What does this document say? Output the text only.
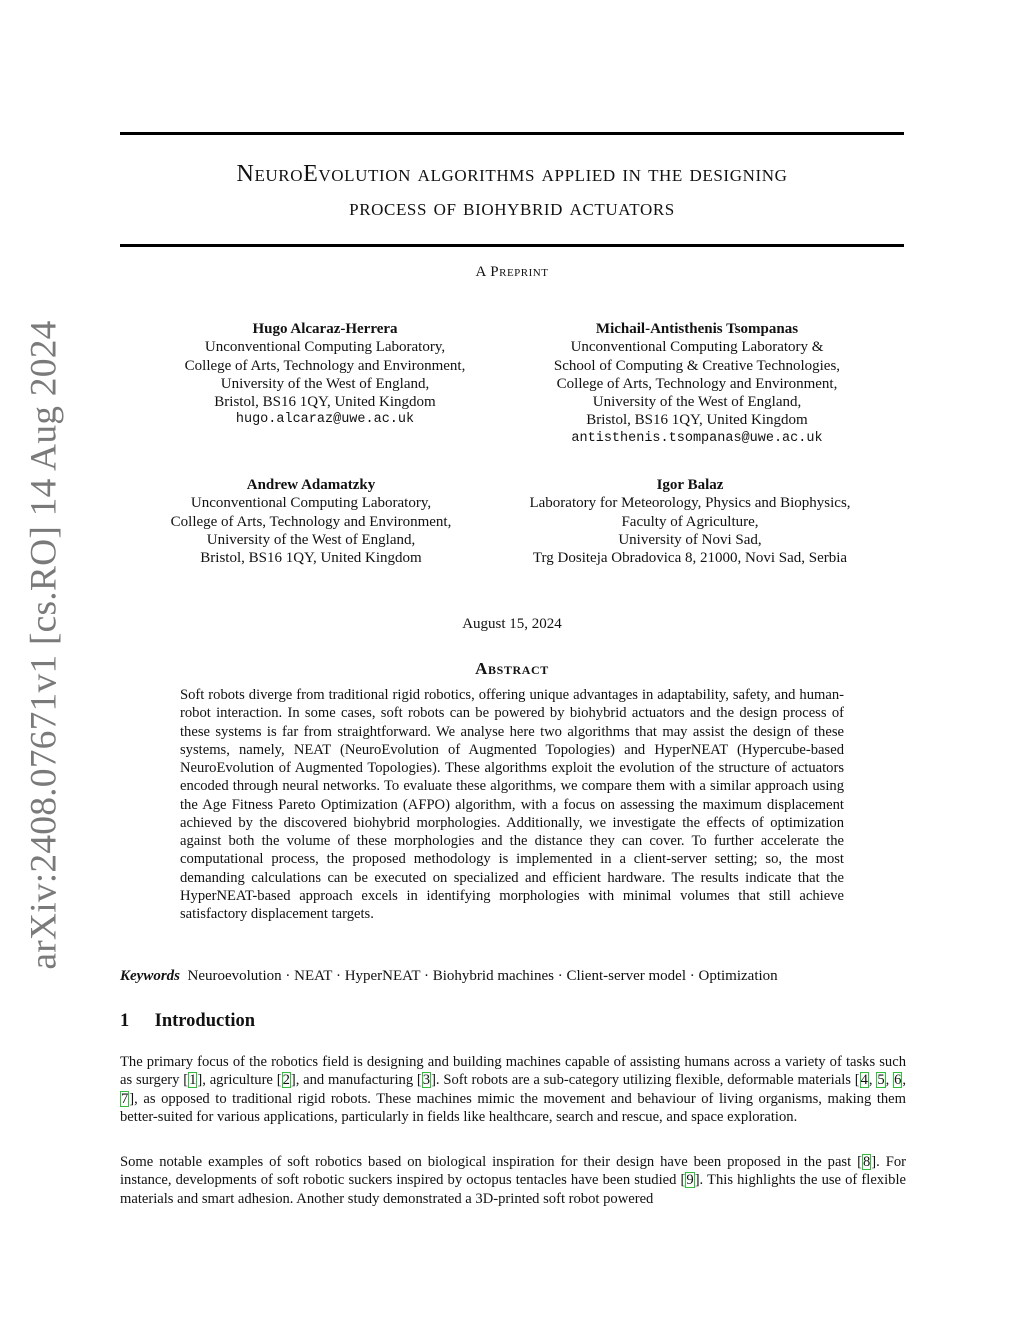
arXiv:2408.07671v1 [cs.RO] 14 Aug 2024
NeuroEvolution algorithms applied in the designing
process of biohybrid actuators
A Preprint
Hugo Alcaraz-Herrera
Unconventional Computing Laboratory,
College of Arts, Technology and Environment,
University of the West of England,
Bristol, BS16 1QY, United Kingdom
hugo.alcaraz@uwe.ac.uk
Michail-Antisthenis Tsompanas
Unconventional Computing Laboratory &
School of Computing & Creative Technologies,
College of Arts, Technology and Environment,
University of the West of England,
Bristol, BS16 1QY, United Kingdom
antisthenis.tsompanas@uwe.ac.uk
Andrew Adamatzky
Unconventional Computing Laboratory,
College of Arts, Technology and Environment,
University of the West of England,
Bristol, BS16 1QY, United Kingdom
Igor Balaz
Laboratory for Meteorology, Physics and Biophysics,
Faculty of Agriculture,
University of Novi Sad,
Trg Dositeja Obradovica 8, 21000, Novi Sad, Serbia
August 15, 2024
Abstract
Soft robots diverge from traditional rigid robotics, offering unique advantages in adaptability, safety, and human-robot interaction. In some cases, soft robots can be powered by biohybrid actuators and the design process of these systems is far from straightforward. We analyse here two algorithms that may assist the design of these systems, namely, NEAT (NeuroEvolution of Augmented Topologies) and HyperNEAT (Hypercube-based NeuroEvolution of Augmented Topologies). These algorithms exploit the evolution of the structure of actuators encoded through neural networks. To evaluate these algorithms, we compare them with a similar approach using the Age Fitness Pareto Optimization (AFPO) algorithm, with a focus on assessing the maximum displacement achieved by the discovered biohybrid morphologies. Additionally, we investigate the effects of optimization against both the volume of these morphologies and the distance they can cover. To further accelerate the computational process, the proposed methodology is implemented in a client-server setting; so, the most demanding calculations can be executed on specialized and efficient hardware. The results indicate that the HyperNEAT-based approach excels in identifying morphologies with minimal volumes that still achieve satisfactory displacement targets.
Keywords Neuroevolution · NEAT · HyperNEAT · Biohybrid machines · Client-server model · Optimization
1 Introduction
The primary focus of the robotics field is designing and building machines capable of assisting humans across a variety of tasks such as surgery [1], agriculture [2], and manufacturing [3]. Soft robots are a sub-category utilizing flexible, deformable materials [4, 5, 6, 7], as opposed to traditional rigid robots. These machines mimic the movement and behaviour of living organisms, making them better-suited for various applications, particularly in fields like healthcare, search and rescue, and space exploration.
Some notable examples of soft robotics based on biological inspiration for their design have been proposed in the past [8]. For instance, developments of soft robotic suckers inspired by octopus tentacles have been studied [9]. This highlights the use of flexible materials and smart adhesion. Another study demonstrated a 3D-printed soft robot powered
